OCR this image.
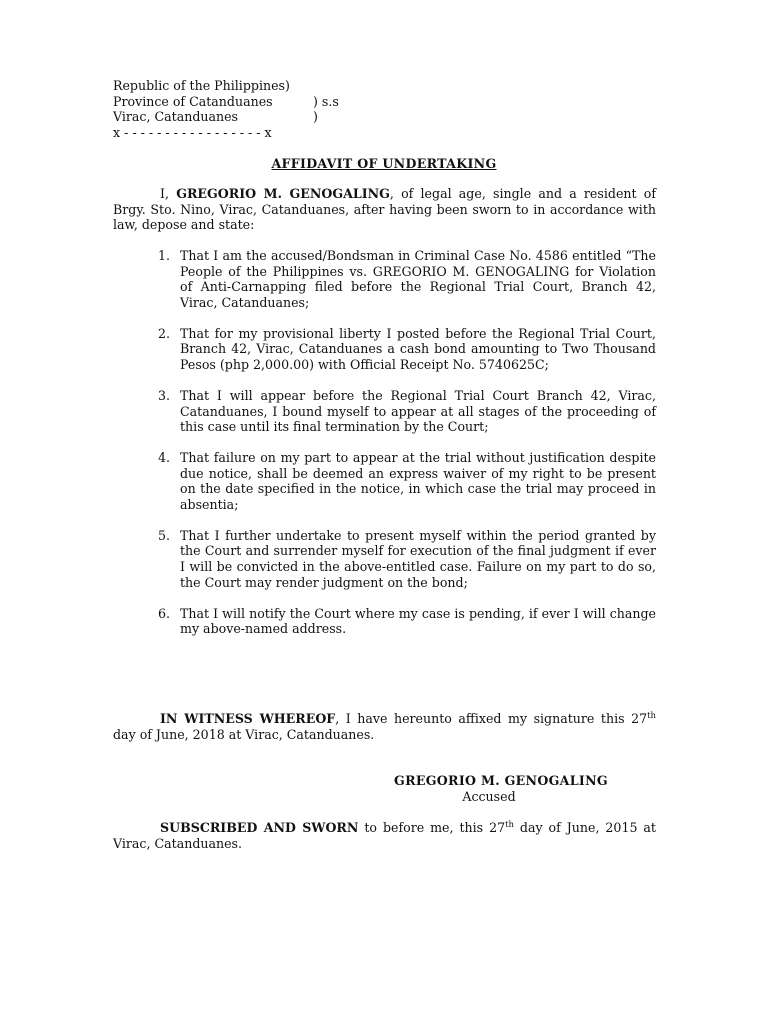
Republic of the Philippines)
Province of Catanduanes	) s.s
Virac, Catanduanes	)
x - - - - - - - - - - - - - - - - - x
AFFIDAVIT OF UNDERTAKING

I, GREGORIO M. GENOGALING, of legal age, single and a resident of Brgy. Sto. Nino, Virac, Catanduanes, after having been sworn to in accordance with law, depose and state:

1. That I am the accused/Bondsman in Criminal Case No. 4586 entitled “The People of the Philippines vs. GREGORIO M. GENOGALING for Violation of Anti-Carnapping filed before the Regional Trial Court, Branch 42, Virac, Catanduanes;
2. That for my provisional liberty I posted before the Regional Trial Court, Branch 42, Virac, Catanduanes a cash bond amounting to Two Thousand Pesos (php 2,000.00) with Official Receipt No. 5740625C;
3. That I will appear before the Regional Trial Court Branch 42, Virac, Catanduanes, I bound myself to appear at all stages of the proceeding of this case until its final termination by the Court;
4. That failure on my part to appear at the trial without justification despite due notice, shall be deemed an express waiver of my right to be present on the date specified in the notice, in which case the trial may proceed in absentia;
5. That I further undertake to present myself within the period granted by the Court and surrender myself for execution of the final judgment if ever I will be convicted in the above-entitled case. Failure on my part to do so, the Court may render judgment on the bond;
6. That I will notify the Court where my case is pending, if ever I will change my above-named address.

IN WITNESS WHEREOF, I have hereunto affixed my signature this 27th day of June, 2018 at Virac, Catanduanes.

GREGORIO M. GENOGALING
Accused

SUBSCRIBED AND SWORN to before me, this 27th day of June, 2015 at Virac, Catanduanes.
